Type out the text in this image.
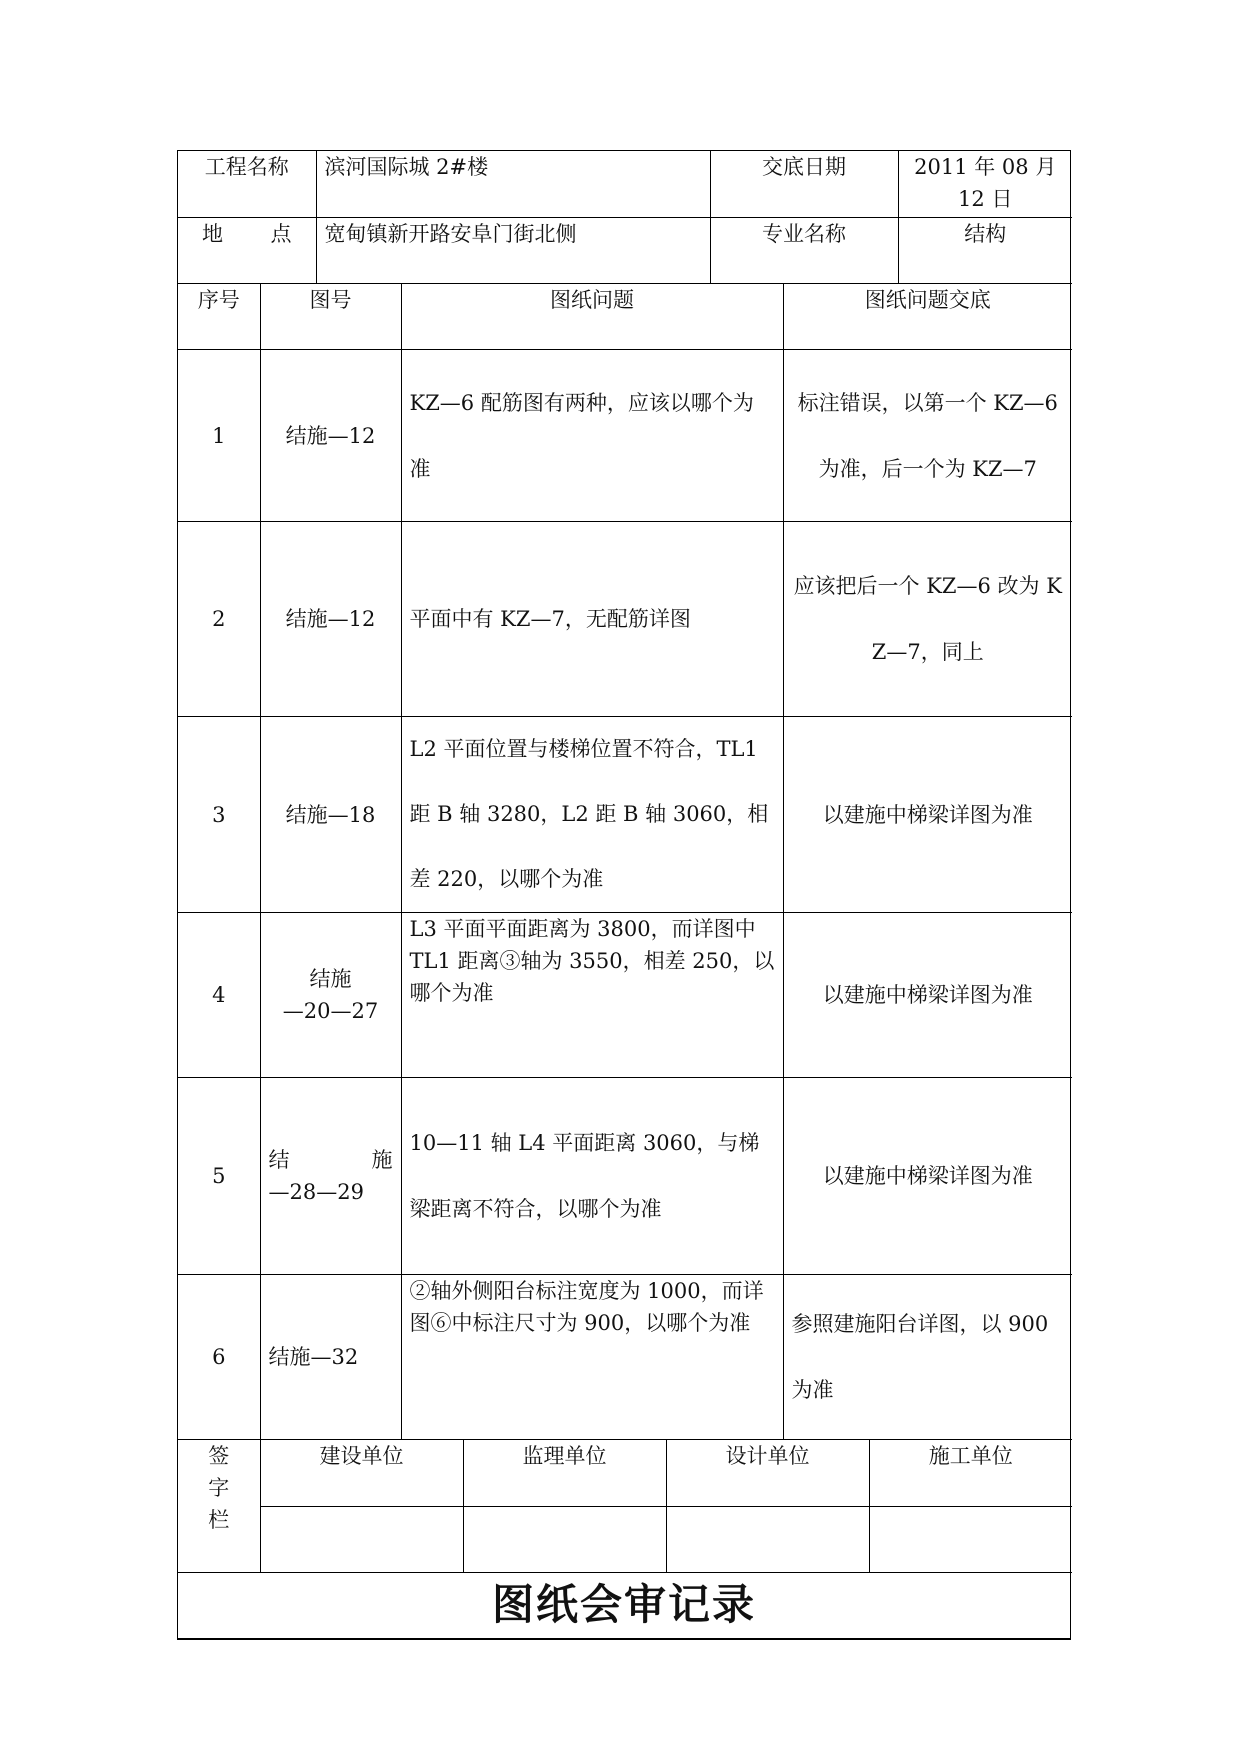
工程名称	滨河国际城 2#楼	交底日期	2011 年 08 月
12 日

地 点	宽甸镇新开路安阜门街北侧	专业名称	结构
序号	图号	图纸问题	图纸问题交底
1	结施—12	KZ—6 配筋图有两种，应该以哪个为准	标注错误，以第一个 KZ—6 为准，后一个为 KZ—7
2	结施—12	平面中有 KZ—7，无配筋详图	应该把后一个 KZ—6 改为 KZ—7，同上
3	结施—18	L2 平面位置与楼梯位置不符合，TL1 距 B 轴 3280，L2 距 B 轴 3060，相差 220，以哪个为准	以建施中梯梁详图为准
4	结施
—20—27	L3 平面平面距离为 3800，而详图中 TL1 距离③轴为 3550，相差 250，以哪个为准	以建施中梯梁详图为准
5	结 施
—28—29	10—11 轴 L4 平面距离 3060，与梯梁距离不符合，以哪个为准	以建施中梯梁详图为准
6	结施—32	②轴外侧阳台标注宽度为 1000，而详图⑥中标注尺寸为 900，以哪个为准	参照建施阳台详图，以 900 为准
签
字
栏	建设单位	监理单位	设计单位	施工单位

图纸会审记录
